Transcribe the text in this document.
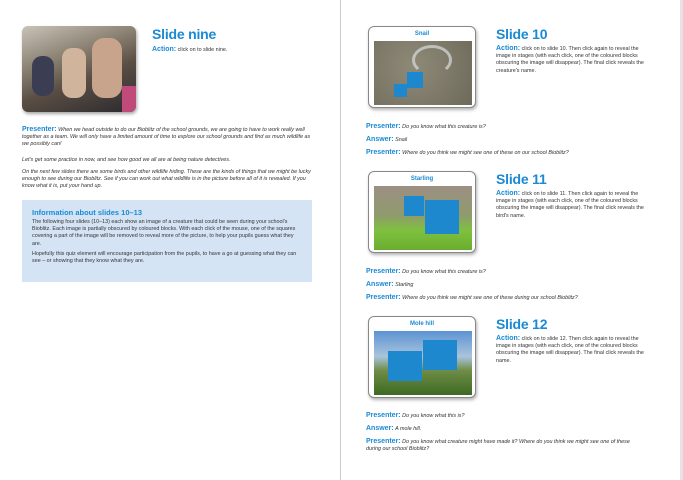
Slide nine
Action: click on to slide nine.
Presenter: When we head outside to do our Bioblitz of the school grounds, we are going to have to work really well together as a team. We will only have a limited amount of time to explore our school grounds and find as much wildlife as we possibly can!
Let's get some practice in now, and see how good we all are at being nature detectives.
On the next few slides there are some birds and other wildlife hiding. These are the kinds of things that we might be lucky enough to see during our Bioblitz. See if you can work out what wildlife is in the picture before all of it is revealed. If you know what it is, put your hand up.
Information about slides 10–13
The following four slides (10–13) each show an image of a creature that could be seen during your school's Bioblitz. Each image is partially obscured by coloured blocks. With each click of the mouse, one of the squares covering a part of the image will be removed to reveal more of the picture, to help your pupils guess what they are.
Hopefully this quiz element will encourage participation from the pupils, to have a go at guessing what they can see – or showing that they know what they are.
Snail	Slide 10
Action: click on to slide 10. Then click again to reveal the image in stages (with each click, one of the coloured blocks obscuring the image will disappear). The final click reveals the creature's name.
Presenter: Do you know what this creature is?
Answer: Snail
Presenter: Where do you think we might see one of these on our school Bioblitz?
Starling	Slide 11
Action: click on to slide 11. Then click again to reveal the image in stages (with each click, one of the coloured blocks obscuring the image will disappear). The final click reveals the bird's name.
Presenter: Do you know what this creature is?
Answer: Starling
Presenter: Where do you think we might see one of these during our school Bioblitz?
Mole hill	Slide 12
Action: click on to slide 12. Then click again to reveal the image in stages (with each click, one of the coloured blocks obscuring the image will disappear). The final click reveals the name.
Presenter: Do you know what this is?
Answer: A mole hill.
Presenter: Do you know what creature might have made it? Where do you think we might see one of these during our school Bioblitz?
